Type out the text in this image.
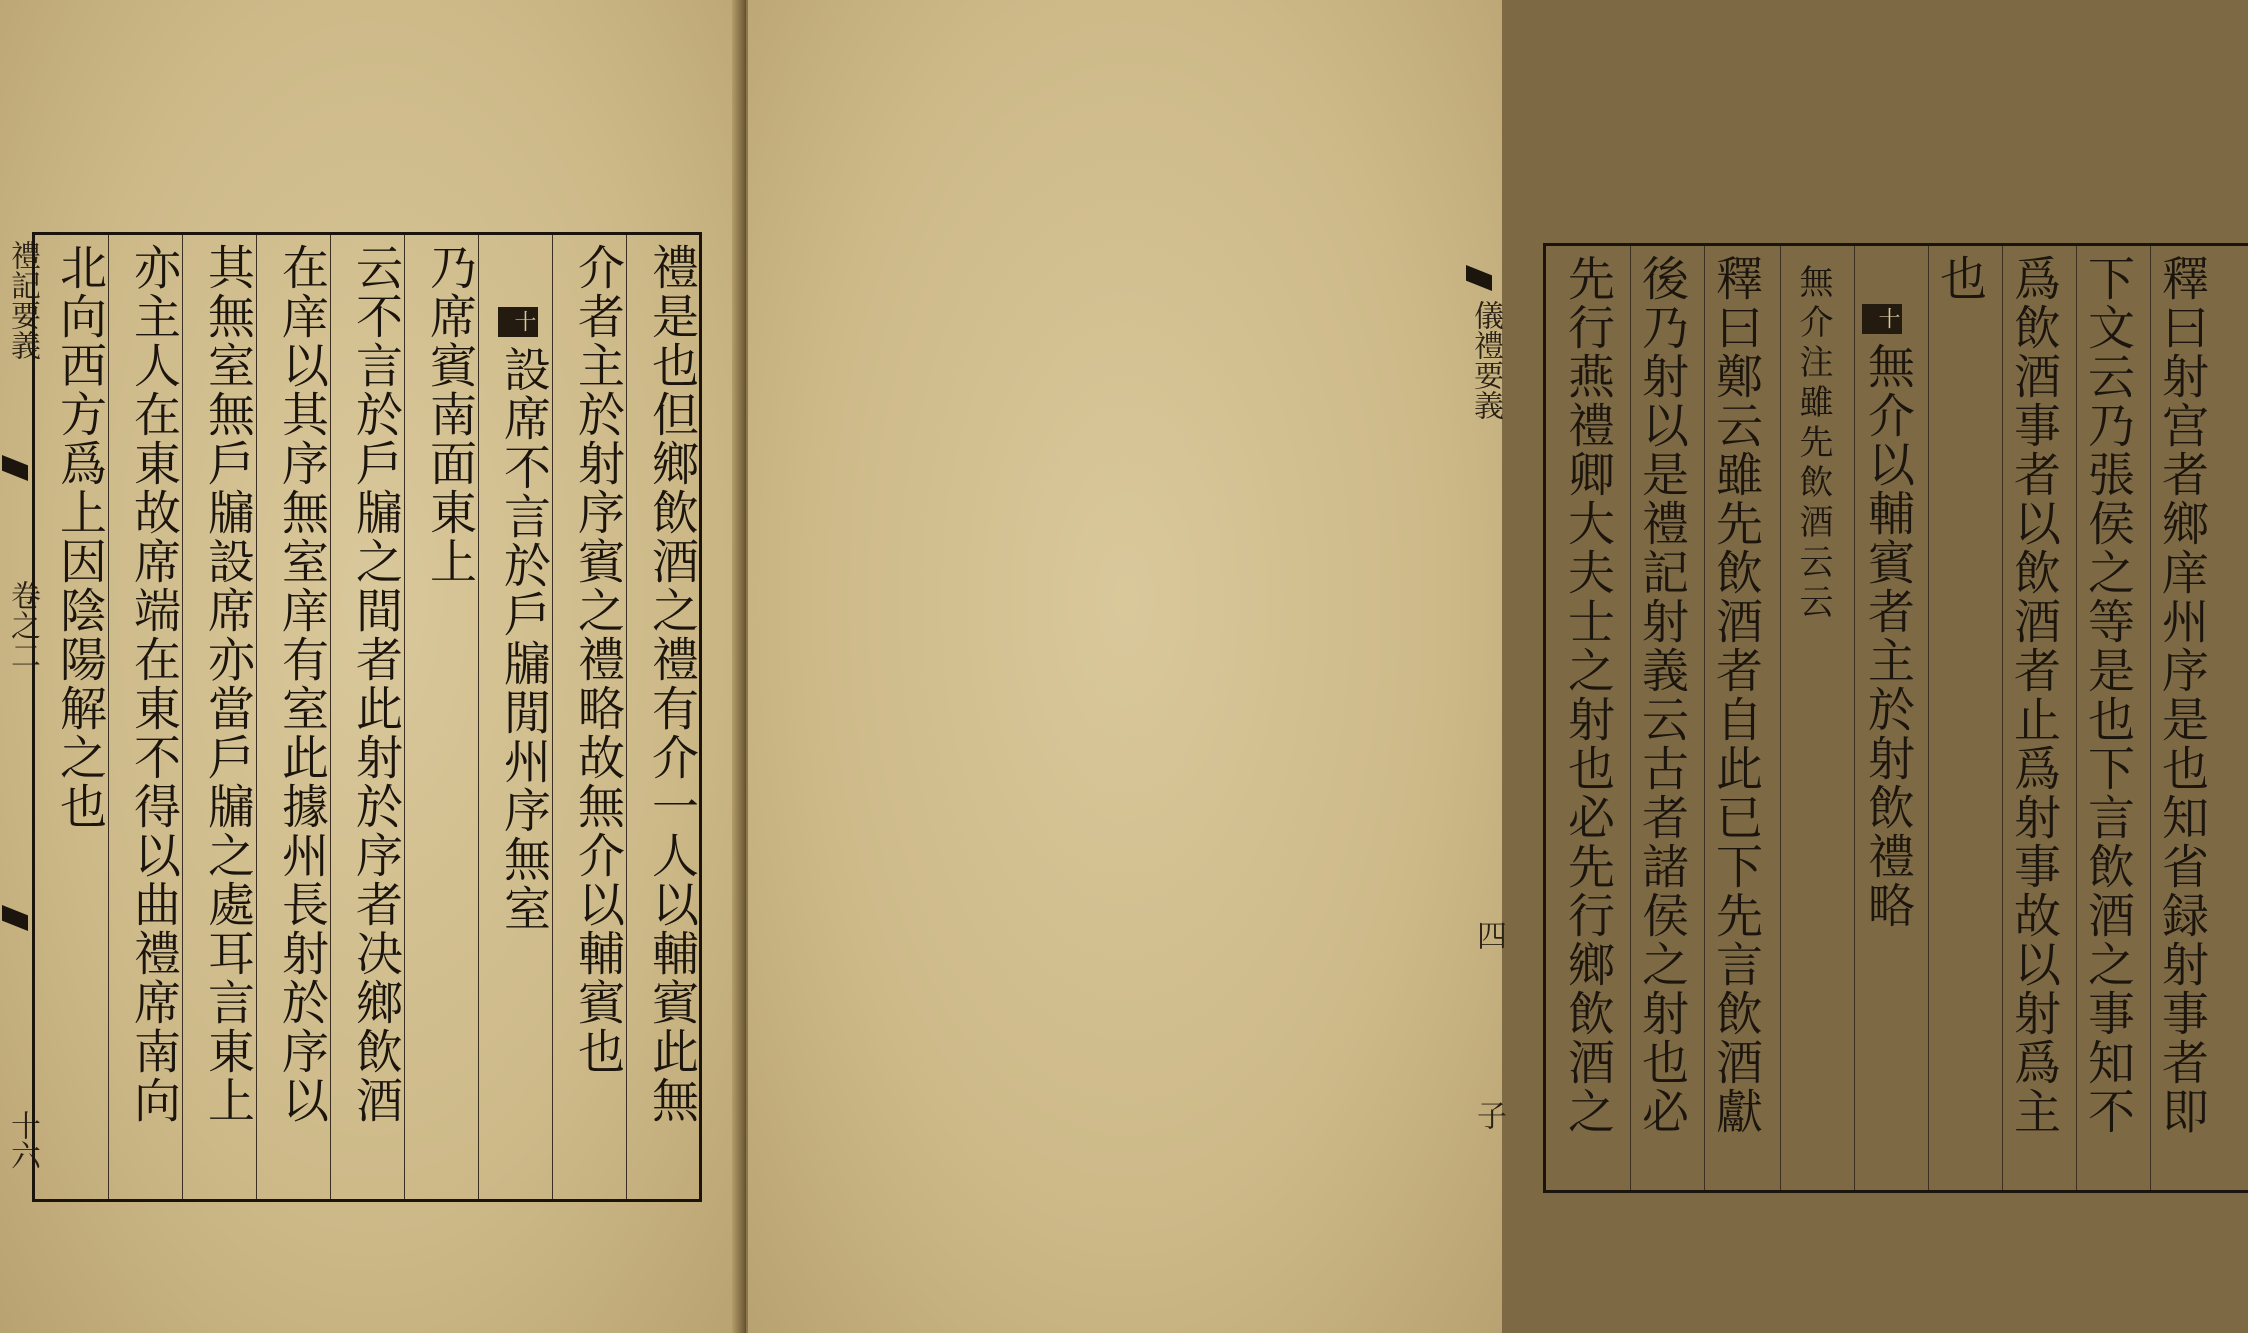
禮記要義
卷之二
十六
禮是也但鄉飲酒之禮有介一人以輔賓此無
介者主於射序賓之禮略故無介以輔賓也
十設席不言於戶牖閒州序無室
乃席賓南面東上
云不言於戶牖之間者此射於序者决鄉飲酒
在庠以其序無室庠有室此據州長射於序以
其無室無戶牖設席亦當戶牖之處耳言東上
亦主人在東故席端在東不得以曲禮席南向
北向西方爲上因陰陽解之也	釋曰射宫者鄉庠州序是也知省録射事者即
下文云乃張侯之等是也下言飲酒之事知不
爲飲酒事者以飲酒者止爲射事故以射爲主
也
十無介以輔賓者主於射飲禮略
無介注雖先飲酒云云
釋曰鄭云雖先飲酒者自此已下先言飲酒獻
後乃射以是禮記射義云古者諸侯之射也必
先行燕禮卿大夫士之射也必先行鄉飲酒之
儀禮要義
四
子
